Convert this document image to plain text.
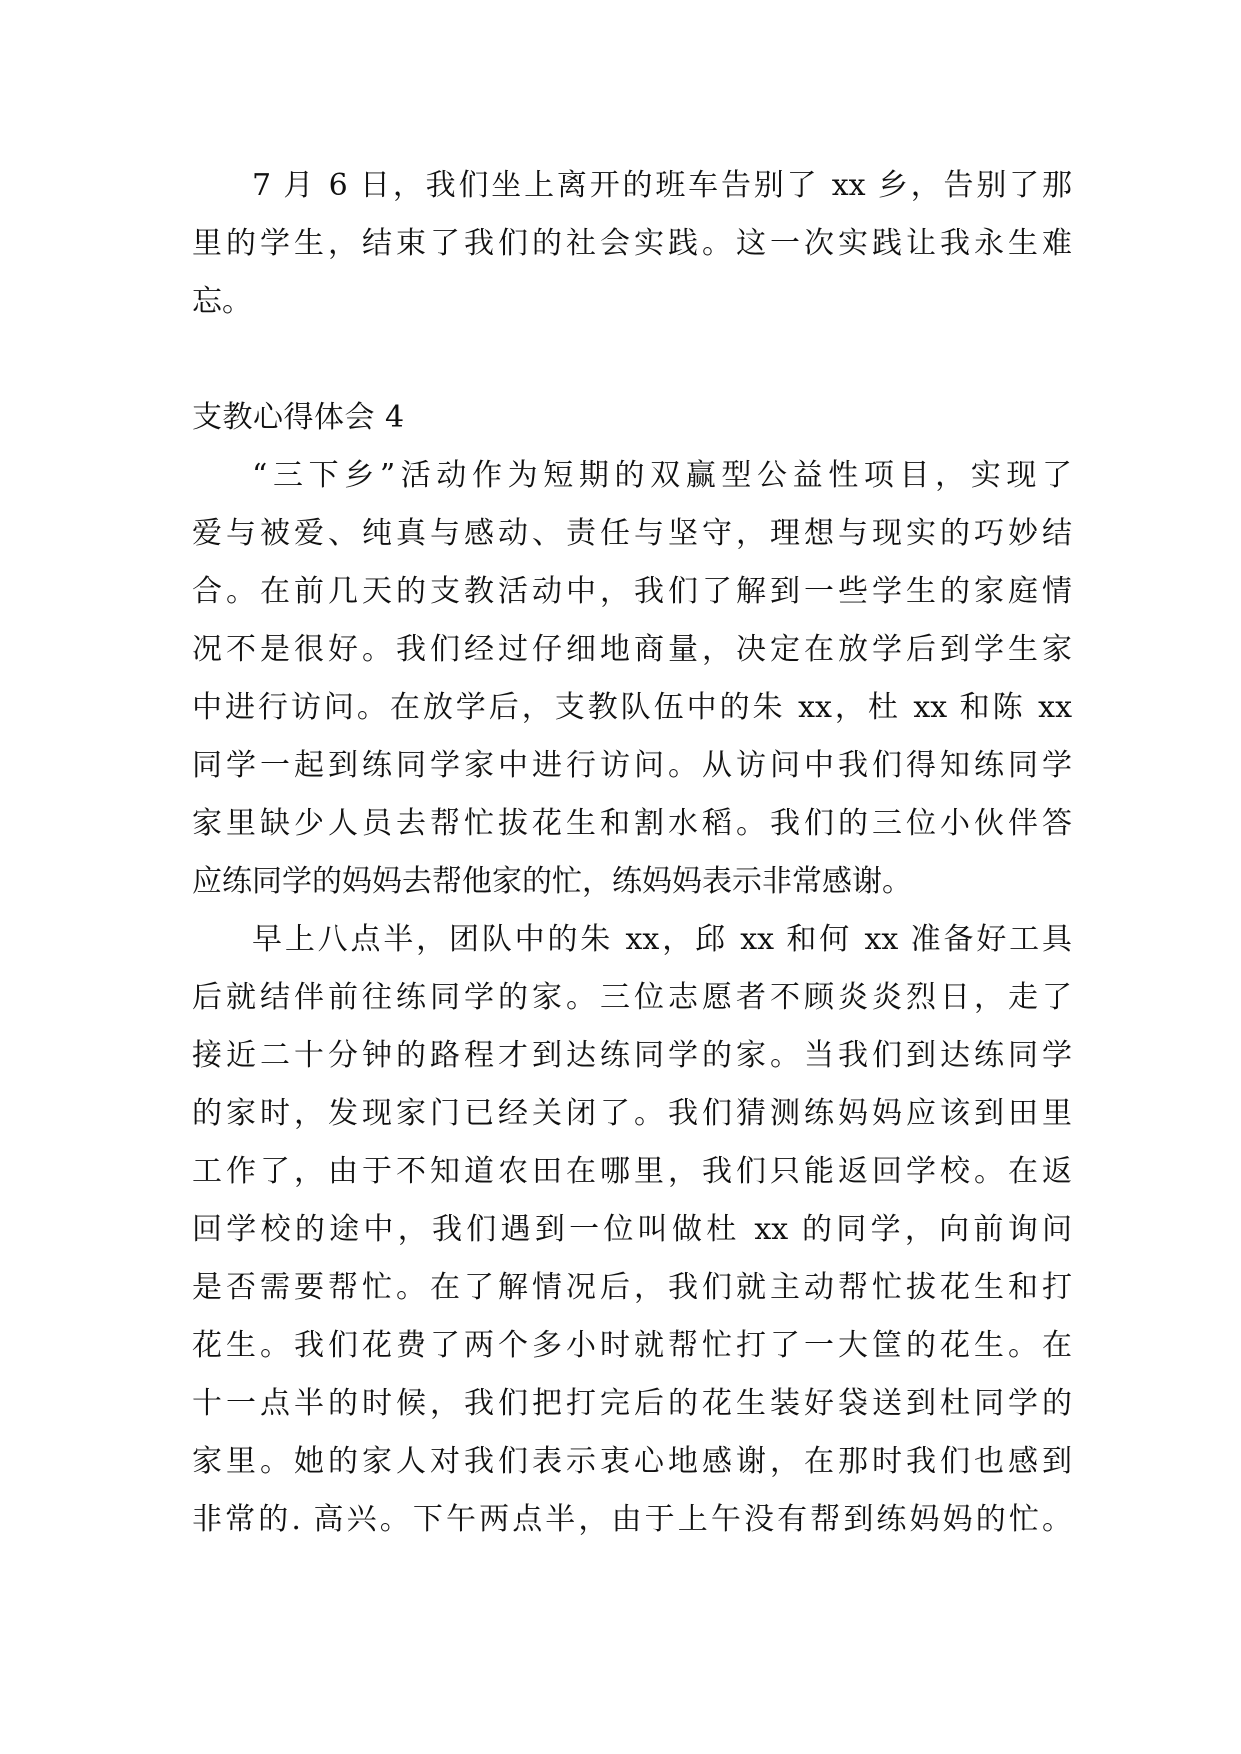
7 月 6 日，我们坐上离开的班车告别了 xx 乡，告别了那
里的学生，结束了我们的社会实践。这一次实践让我永生难
忘。
支教心得体会 4
“三下乡”活动作为短期的双赢型公益性项目，实现了
爱与被爱、纯真与感动、责任与坚守，理想与现实的巧妙结
合。在前几天的支教活动中，我们了解到一些学生的家庭情
况不是很好。我们经过仔细地商量，决定在放学后到学生家
中进行访问。在放学后，支教队伍中的朱 xx，杜 xx 和陈 xx
同学一起到练同学家中进行访问。从访问中我们得知练同学
家里缺少人员去帮忙拔花生和割水稻。我们的三位小伙伴答
应练同学的妈妈去帮他家的忙，练妈妈表示非常感谢。
早上八点半，团队中的朱 xx，邱 xx 和何 xx 准备好工具
后就结伴前往练同学的家。三位志愿者不顾炎炎烈日，走了
接近二十分钟的路程才到达练同学的家。当我们到达练同学
的家时，发现家门已经关闭了。我们猜测练妈妈应该到田里
工作了，由于不知道农田在哪里，我们只能返回学校。在返
回学校的途中，我们遇到一位叫做杜 xx 的同学，向前询问
是否需要帮忙。在了解情况后，我们就主动帮忙拔花生和打
花生。我们花费了两个多小时就帮忙打了一大筐的花生。在
十一点半的时候，我们把打完后的花生装好袋送到杜同学的
家里。她的家人对我们表示衷心地感谢，在那时我们也感到
非常的. 高兴。下午两点半，由于上午没有帮到练妈妈的忙。
